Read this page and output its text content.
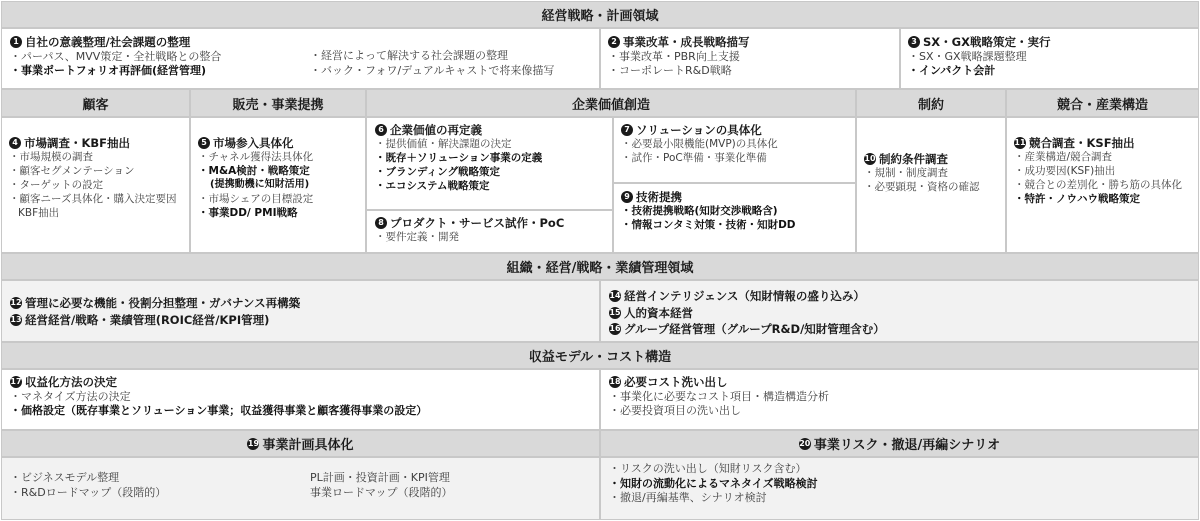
経営戦略・計画領域
1 自社の意義整理/社会課題の整理
・パーパス、MVV策定・全社戦略との整合
・事業ポートフォリオ再評価(経営管理)
・経営によって解決する社会課題の整理
・バック・フォワ/デュアルキャストで将来像描写
2 事業改革・成長戦略描写
・事業改革・PBR向上支援
・コーポレートR&D戦略
3 SX・GX戦略策定・実行
・SX・GX戦略課題整理
・インパクト会計
顧客	販売・事業提携	企業価値創造	制約	競合・産業構造
4 市場調査・KBF抽出
・市場規模の調査
・顧客セグメンテーション
・ターゲットの設定
・顧客ニーズ具体化・購入決定要因KBF抽出
5 市場参入具体化
・チャネル獲得法具体化
・M&A検討・戦略策定
(提携動機に知財活用)
・市場シェアの目標設定
・事業DD/ PMI戦略
6 企業価値の再定義
・提供価値・解決課題の決定
・既存＋ソリューション事業の定義
・ブランディング戦略策定
・エコシステム戦略策定
8 プロダクト・サービス試作・PoC
・要件定義・開発
7 ソリューションの具体化
・必要最小限機能(MVP)の具体化
・試作・PoC準備・事業化準備
9 技術提携
・技術提携戦略(知財交渉戦略含)
・情報コンタミ対策・技術・知財DD
10 制約条件調査
・規制・制度調査
・必要顕現・資格の確認
11 競合調査・KSF抽出
・産業構造/競合調査
・成功要因(KSF)抽出
・競合との差別化・勝ち筋の具体化
・特許・ノウハウ戦略策定
組織・経営/戦略・業績管理領域
12 管理に必要な機能・役割分担整理・ガバナンス再構築
13 経営経営/戦略・業績管理(ROIC経営/KPI管理)
14 経営インテリジェンス（知財情報の盛り込み）
15 人的資本経営
16 グループ経営管理（グループR&D/知財管理含む）
収益モデル・コスト構造
17 収益化方法の決定
・マネタイズ方法の決定
・価格設定（既存事業とソリューション事業；収益獲得事業と顧客獲得事業の設定）
18 必要コスト洗い出し
・事業化に必要なコスト項目・構造構造分析
・必要投資項目の洗い出し
19 事業計画具体化	20 事業リスク・撤退/再編シナリオ
・ビジネスモデル整理
・R&Dロードマップ（段階的）
PL計画・投資計画・KPI管理
事業ロードマップ（段階的）
・リスクの洗い出し（知財リスク含む）
・知財の流動化によるマネタイズ戦略検討
・撤退/再編基準、シナリオ検討
